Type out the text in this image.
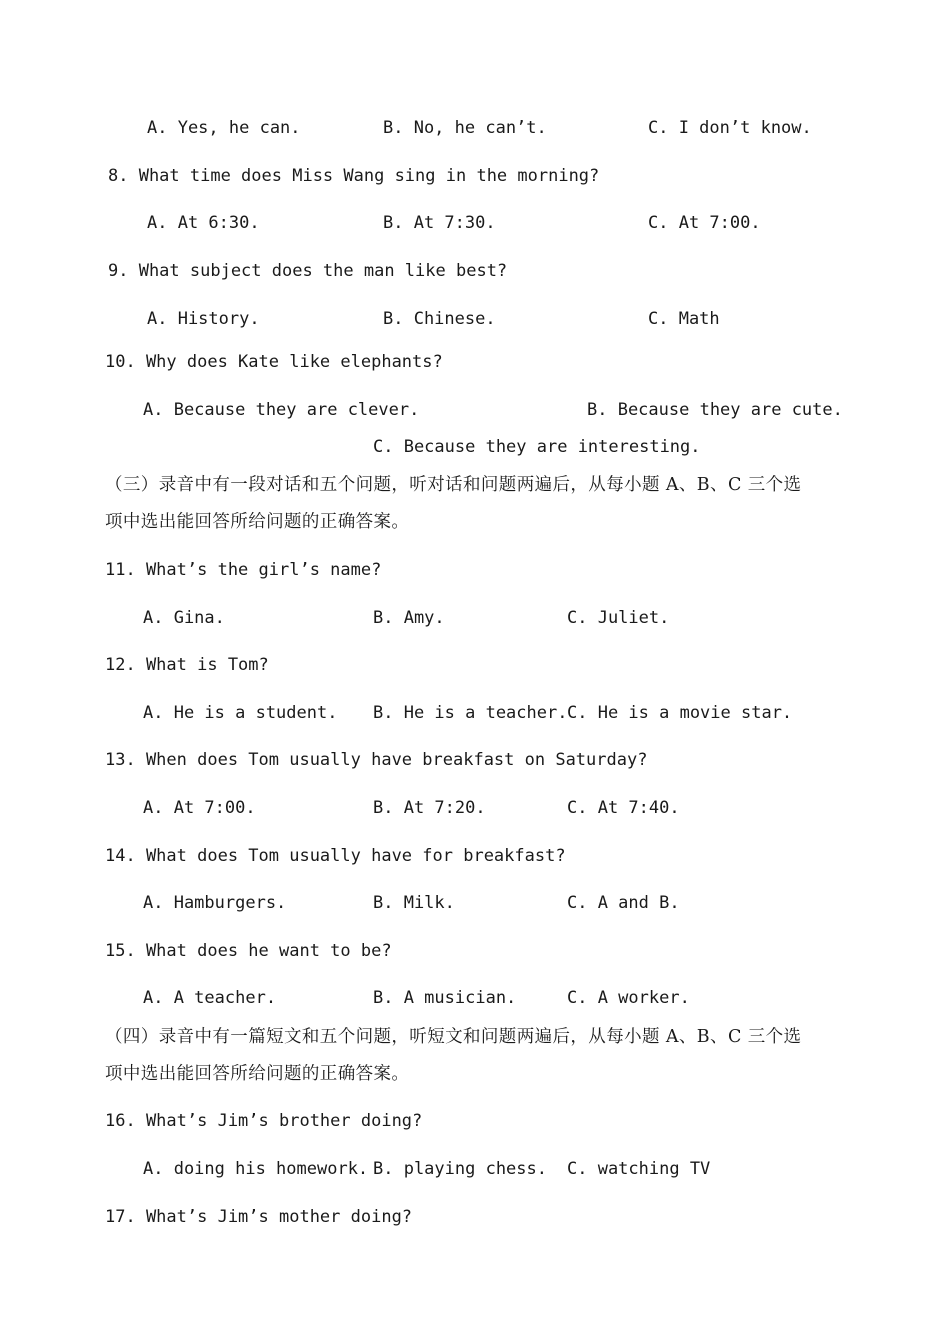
A. Yes, he can.	B. No, he can’t.	C. I don’t know.
8. What time does Miss Wang sing in the morning?
A. At 6:30.	B. At 7:30.	C. At 7:00.
9. What subject does the man like best?
A. History.	B. Chinese.	C. Math
10. Why does Kate like elephants?
A. Because they are clever.	B. Because they are cute.
C. Because they are interesting.
（三）录音中有一段对话和五个问题，听对话和问题两遍后，从每小题 A、B、C 三个选
项中选出能回答所给问题的正确答案。
11. What’s the girl’s name?
A. Gina.	B. Amy.	C. Juliet.
12. What is Tom?
A. He is a student. B. He is a teacher. C. He is a movie star.
13. When does Tom usually have breakfast on Saturday?
A. At 7:00.	B. At 7:20.	C. At 7:40.
14. What does Tom usually have for breakfast?
A. Hamburgers.	B. Milk.	C. A and B.
15. What does he want to be?
A. A teacher.	B. A musician.	C. A worker.
（四）录音中有一篇短文和五个问题，听短文和问题两遍后，从每小题 A、B、C 三个选
项中选出能回答所给问题的正确答案。
16. What’s Jim’s brother doing?
A. doing his homework. B. playing chess. C. watching TV
17. What’s Jim’s mother doing?
